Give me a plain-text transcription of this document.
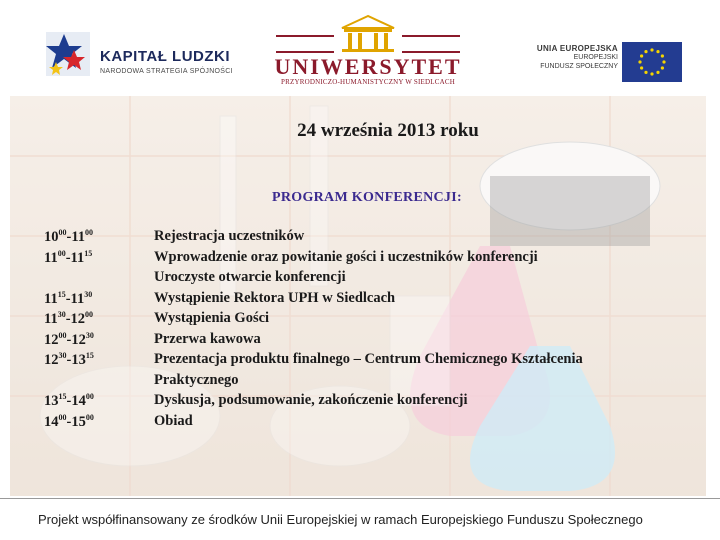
KAPITAŁ LUDZKI
NARODOWA STRATEGIA SPÓJNOŚCI UNIWERSYTET
PRZYRODNICZO-HUMANISTYCZNY W SIEDLCACH
UNIA EUROPEJSKA
EUROPEJSKI
FUNDUSZ SPOŁECZNY
24 września 2013 roku
PROGRAM KONFERENCJI:
$10^{00}-11^{00}$	Rejestracja uczestników
$11^{00}-11^{15}$	Wprowadzenie oraz powitanie gości i uczestników konferencji
Uroczyste otwarcie konferencji
$11^{15}-11^{30}$	Wystąpienie Rektora UPH w Siedlcach
$11^{30}-12^{00}$	Wystąpienia Gości
$12^{00}-12^{30}$	Przerwa kawowa
$12^{30}-13^{15}$	Prezentacja produktu finalnego – Centrum Chemicznego Kształcenia
Praktycznego
$13^{15}-14^{00}$	Dyskusja, podsumowanie, zakończenie konferencji
$14^{00}-15^{00}$	Obiad
Projekt współfinansowany ze środków Unii Europejskiej w ramach Europejskiego Funduszu Społecznego
